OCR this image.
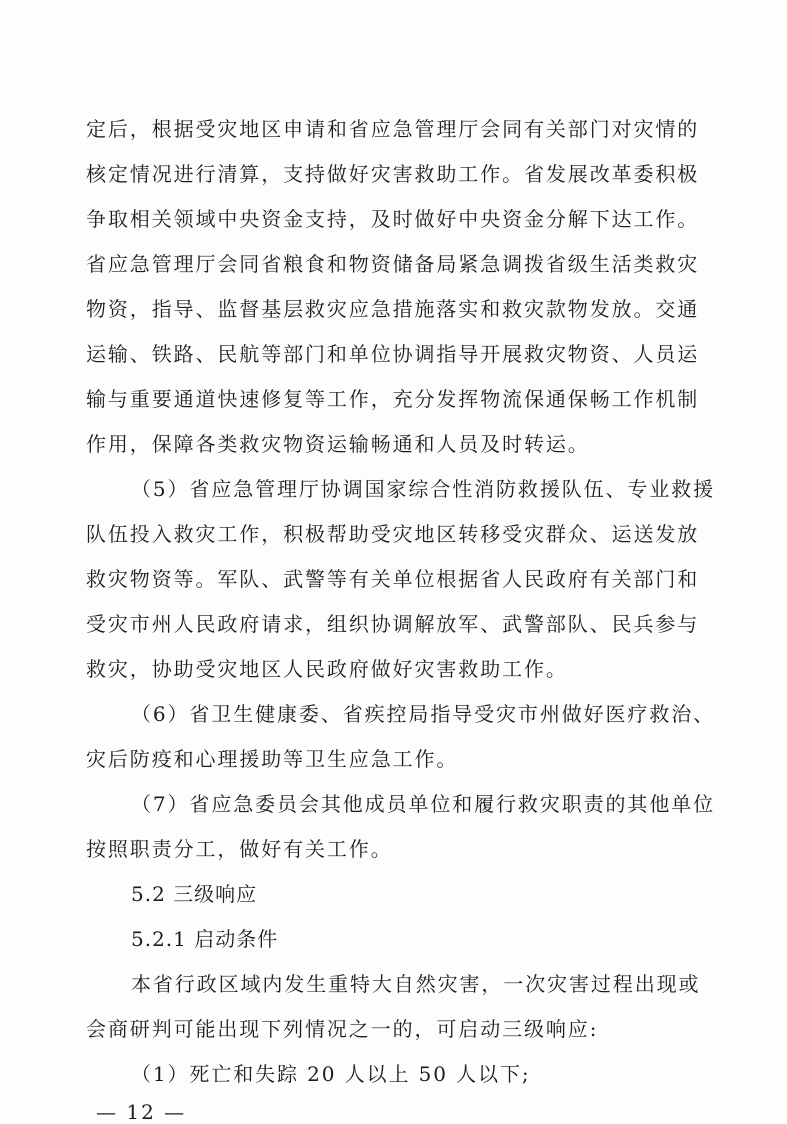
定后，根据受灾地区申请和省应急管理厅会同有关部门对灾情的
核定情况进行清算，支持做好灾害救助工作。省发展改革委积极
争取相关领域中央资金支持，及时做好中央资金分解下达工作。
省应急管理厅会同省粮食和物资储备局紧急调拨省级生活类救灾
物资，指导、监督基层救灾应急措施落实和救灾款物发放。交通
运输、铁路、民航等部门和单位协调指导开展救灾物资、人员运
输与重要通道快速修复等工作，充分发挥物流保通保畅工作机制
作用，保障各类救灾物资运输畅通和人员及时转运。
（5）省应急管理厅协调国家综合性消防救援队伍、专业救援
队伍投入救灾工作，积极帮助受灾地区转移受灾群众、运送发放
救灾物资等。军队、武警等有关单位根据省人民政府有关部门和
受灾市州人民政府请求，组织协调解放军、武警部队、民兵参与
救灾，协助受灾地区人民政府做好灾害救助工作。
（6）省卫生健康委、省疾控局指导受灾市州做好医疗救治、
灾后防疫和心理援助等卫生应急工作。
（7）省应急委员会其他成员单位和履行救灾职责的其他单位
按照职责分工，做好有关工作。
5.2 三级响应
5.2.1 启动条件
本省行政区域内发生重特大自然灾害，一次灾害过程出现或
会商研判可能出现下列情况之一的，可启动三级响应:
（1）死亡和失踪 20 人以上 50 人以下;
— 12 —
